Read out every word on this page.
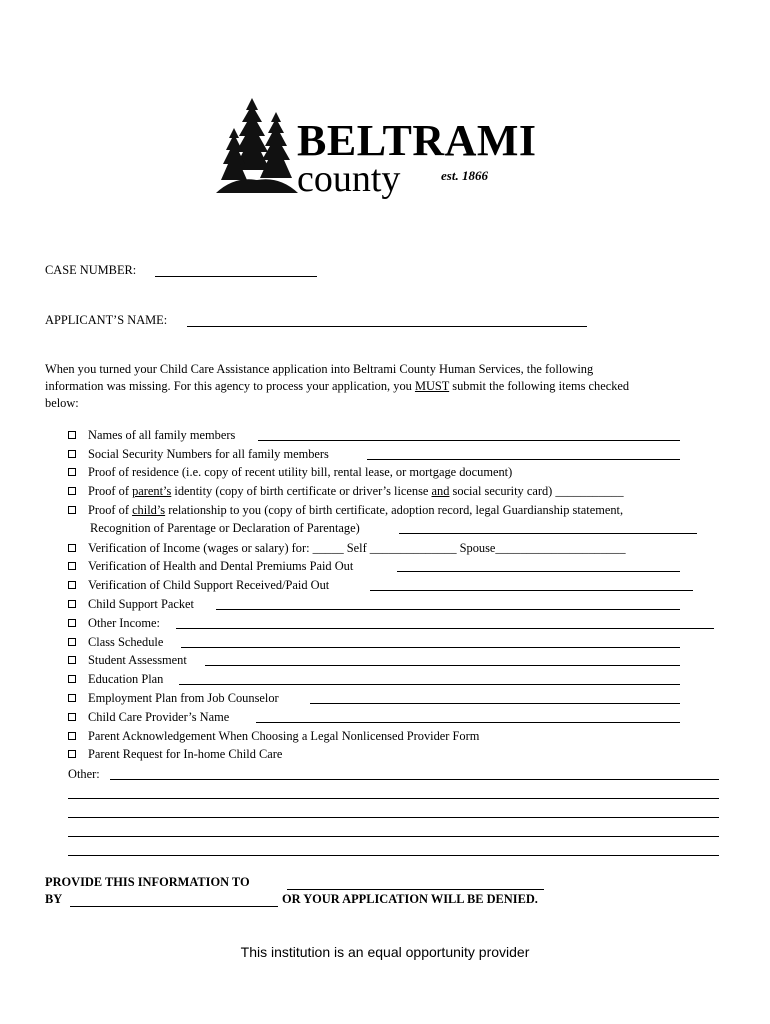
BELTRAMI
county	est. 1866
CASE NUMBER:
APPLICANT’S NAME:
When you turned your Child Care Assistance application into Beltrami County Human Services, the following
information was missing. For this agency to process your application, you MUST submit the following items checked
below:
Names of all family members
Social Security Numbers for all family members
Proof of residence (i.e. copy of recent utility bill, rental lease, or mortgage document)
Proof of parent’s identity (copy of birth certificate or driver’s license and social security card) ___________
Proof of child’s relationship to you (copy of birth certificate, adoption record, legal Guardianship statement,
Recognition of Parentage or Declaration of Parentage)
Verification of Income (wages or salary) for: _____ Self ______________ Spouse_____________________
Verification of Health and Dental Premiums Paid Out
Verification of Child Support Received/Paid Out
Child Support Packet
Other Income:
Class Schedule
Student Assessment
Education Plan
Employment Plan from Job Counselor
Child Care Provider’s Name
Parent Acknowledgement When Choosing a Legal Nonlicensed Provider Form
Parent Request for In-home Child Care
Other:
PROVIDE THIS INFORMATION TO
BY	OR YOUR APPLICATION WILL BE DENIED.
This institution is an equal opportunity provider
